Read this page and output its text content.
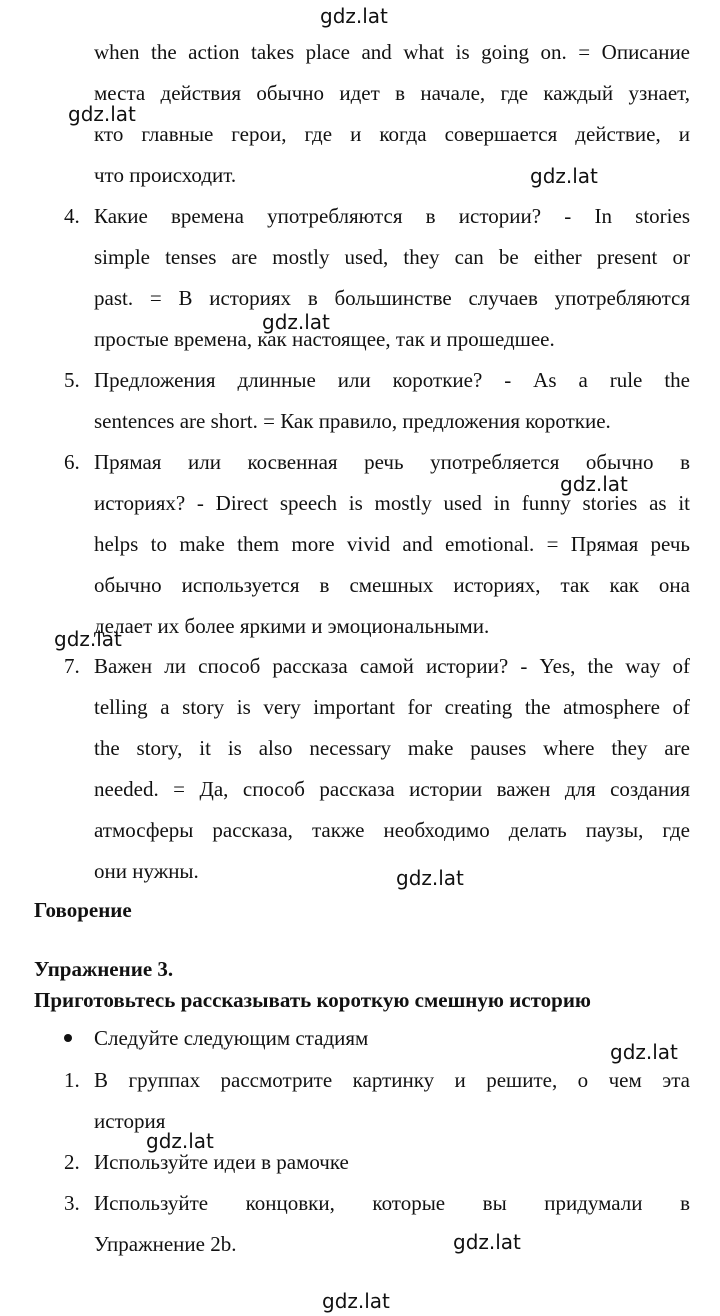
gdz.lat
when the action takes place and what is going on. = Описание
места действия обычно идет в начале, где каждый узнает,
кто главные герои, где и когда совершается действие, и
что происходит.
gdz.lat
gdz.lat
4. Какие времена употребляются в истории? - In stories
simple tenses are mostly used, they can be either present or
past. = В историях в большинстве случаев употребляются
простые времена, как настоящее, так и прошедшее.
gdz.lat
5. Предложения длинные или короткие? - As a rule the
sentences are short. = Как правило, предложения короткие.
6. Прямая или косвенная речь употребляется обычно в
историях? - Direct speech is mostly used in funny stories as it
helps to make them more vivid and emotional. = Прямая речь
обычно используется в смешных историях, так как она
делает их более яркими и эмоциональными.
gdz.lat
gdz.lat
7. Важен ли способ рассказа самой истории? - Yes, the way of
telling a story is very important for creating the atmosphere of
the story, it is also necessary make pauses where they are
needed. = Да, способ рассказа истории важен для создания
атмосферы рассказа, также необходимо делать паузы, где
они нужны.	gdz.lat
Говорение
Упражнение 3.
Приготовьтесь рассказывать короткую смешную историю
Следуйте следующим стадиям
gdz.lat
1. В группах рассмотрите картинку и решите, о чем эта
история
gdz.lat
2. Используйте идеи в рамочке
3. Используйте концовки, которые вы придумали в
Упражнение 2b.	gdz.lat
gdz.lat
